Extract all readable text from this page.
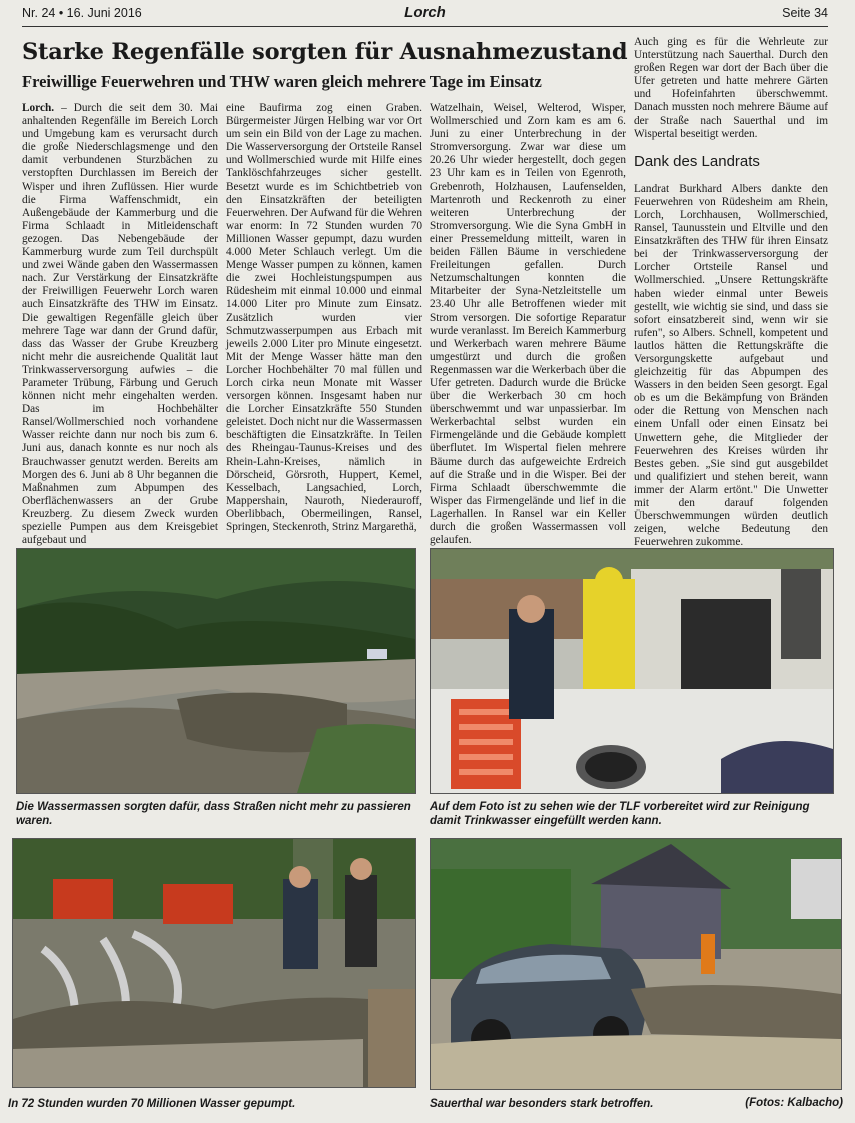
Nr. 24 • 16. Juni 2016	Lorch	Seite 34
Starke Regenfälle sorgten für Ausnahmezustand
Freiwillige Feuerwehren und THW waren gleich mehrere Tage im Einsatz

Lorch. – Durch die seit dem 30. Mai anhaltenden Regenfälle im Bereich Lorch und Umgebung kam es verursacht durch die große Niederschlagsmenge und den damit verbundenen Sturzbächen zu verstopften Durchlassen im Bereich der Wisper und ihren Zuflüssen. Hier wurde die Firma Waffenschmidt, ein Außengebäude der Kammerburg und die Firma Schlaadt in Mitleidenschaft gezogen. Das Nebengebäude der Kammerburg wurde zum Teil durchspült und zwei Wände gaben den Wassermassen nach. Zur Verstärkung der Einsatzkräfte der Freiwilligen Feuerwehr Lorch waren auch Einsatzkräfte des THW im Einsatz. Die gewaltigen Regenfälle gleich über mehrere Tage war dann der Grund dafür, dass das Wasser der Grube Kreuzberg nicht mehr die ausreichende Qualität laut Trinkwasserversorgung aufwies – die Parameter Trübung, Färbung und Geruch können nicht mehr eingehalten werden. Das im Hochbehälter Ransel/Wollmerschied noch vorhandene Wasser reichte dann nur noch bis zum 6. Juni aus, danach konnte es nur noch als Brauchwasser genutzt werden. Bereits am Morgen des 6. Juni ab 8 Uhr begannen die Maßnahmen zum Abpumpen des Oberflächenwassers an der Grube Kreuzberg. Zu diesem Zweck wurden spezielle Pumpen aus dem Kreisgebiet aufgebaut und

eine Baufirma zog einen Graben. Bürgermeister Jürgen Helbing war vor Ort um sein ein Bild von der Lage zu machen. Die Wasserversorgung der Ortsteile Ransel und Wollmerschied wurde mit Hilfe eines Tanklöschfahrzeuges sicher gestellt. Besetzt wurde es im Schichtbetrieb von den Einsatzkräften der beteiligten Feuerwehren. Der Aufwand für die Wehren war enorm: In 72 Stunden wurden 70 Millionen Wasser gepumpt, dazu wurden 4.000 Meter Schlauch verlegt. Um die Menge Wasser pumpen zu können, kamen die zwei Hochleistungspumpen aus Rüdesheim mit einmal 10.000 und einmal 14.000 Liter pro Minute zum Einsatz. Zusätzlich wurden vier Schmutzwasserpumpen aus Erbach mit jeweils 2.000 Liter pro Minute eingesetzt. Mit der Menge Wasser hätte man den Lorcher Hochbehälter 70 mal füllen und Lorch cirka neun Monate mit Wasser versorgen können. Insgesamt haben nur die Lorcher Einsatzkräfte 550 Stunden geleistet. Doch nicht nur die Wassermassen beschäftigten die Einsatzkräfte. In Teilen des Rheingau-Taunus-Kreises und des Rhein-Lahn-Kreises, nämlich in Dörscheid, Görsroth, Huppert, Kemel, Kesselbach, Langsachied, Lorch, Mappershain, Nauroth, Niederauroff, Oberlibbach, Obermeilingen, Ransel, Springen, Steckenroth, Strinz Margarethä,

Watzelhain, Weisel, Welterod, Wisper, Wollmerschied und Zorn kam es am 6. Juni zu einer Unterbrechung in der Stromversorgung. Zwar war diese um 20.26 Uhr wieder hergestellt, doch gegen 23 Uhr kam es in Teilen von Egenroth, Grebenroth, Holzhausen, Laufenselden, Martenroth und Reckenroth zu einer weiteren Unterbrechung der Stromversorgung. Wie die Syna GmbH in einer Pressemeldung mitteilt, waren in beiden Fällen Bäume in verschiedene Freileitungen gefallen. Durch Netzumschaltungen konnten die Mitarbeiter der Syna-Netzleitstelle um 23.40 Uhr alle Betroffenen wieder mit Strom versorgen. Die sofortige Reparatur wurde veranlasst. Im Bereich Kammerburg und Werkerbach waren mehrere Bäume umgestürzt und durch die großen Regenmassen war die Werkerbach über die Ufer getreten. Dadurch wurde die Brücke über die Werkerbach 30 cm hoch überschwemmt und war unpassierbar. Im Werkerbachtal selbst wurden ein Firmengelände und die Gebäude komplett überflutet. Im Wispertal fielen mehrere Bäume durch das aufgeweichte Erdreich auf die Straße und in die Wisper. Bei der Firma Schlaadt überschwemmte die Wisper das Firmengelände und lief in die Lagerhallen. In Ransel war ein Keller durch die großen Wassermassen voll gelaufen.

Auch ging es für die Wehrleute zur Unterstützung nach Sauerthal. Durch den großen Regen war dort der Bach über die Ufer getreten und hatte mehrere Gärten und Hofeinfahrten überschwemmt. Danach mussten noch mehrere Bäume auf der Straße nach Sauerthal und im Wispertal beseitigt werden.

Dank des Landrats

Landrat Burkhard Albers dankte den Feuerwehren von Rüdesheim am Rhein, Lorch, Lorchhausen, Wollmerschied, Ransel, Taunusstein und Eltville und den Einsatzkräften des THW für ihren Einsatz bei der Trinkwasserversorgung der Lorcher Ortsteile Ransel und Wollmerschied. „Unsere Rettungskräfte haben wieder einmal unter Beweis gestellt, wie wichtig sie sind, und dass sie sofort einsatzbereit sind, wenn wir sie rufen", so Albers. Schnell, kompetent und lautlos hätten die Rettungskräfte die Versorgungskette aufgebaut und gleichzeitig für das Abpumpen des Wassers in den beiden Seen gesorgt. Egal ob es um die Bekämpfung von Bränden oder die Rettung von Menschen nach einem Unfall oder einen Einsatz bei Unwettern gehe, die Mitglieder der Feuerwehren des Kreises würden ihr Bestes geben. „Sie sind gut ausgebildet und qualifiziert und stehen bereit, wann immer der Alarm ertönt." Die Unwetter mit den darauf folgenden Überschwemmungen würden deutlich zeigen, welche Bedeutung den Feuerwehren zukomme.

Die Wassermassen sorgten dafür, dass Straßen nicht mehr zu passieren waren.
Auf dem Foto ist zu sehen wie der TLF vorbereitet wird zur Reinigung damit Trinkwasser eingefüllt werden kann.
In 72 Stunden wurden 70 Millionen Wasser gepumpt.	Sauerthal war besonders stark betroffen.	(Fotos: Kalbacho)
